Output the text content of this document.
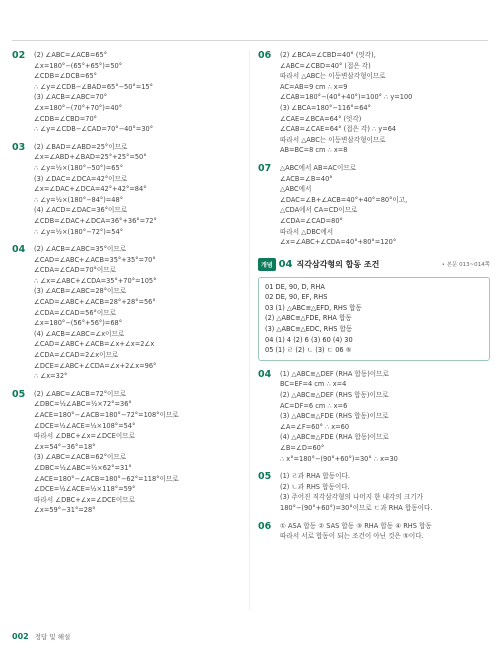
02 (2) ∠ABC=∠ACB=65°
∠x=180°−(65°+65°)=50°
∠CDB=∠DCB=65°
∴ ∠y=∠CDB−∠BAD=65°−50°=15°
(3) ∠ACB=∠ABC=70°
∠x=180°−(70°+70°)=40°
∠CDB=∠CBD=70°
∴ ∠y=∠CDB−∠CAD=70°−40°=30°
03 (2) ∠BAD=∠ABD=25°이므로
∠x=∠ABD+∠BAD=25°+25°=50°
∴ ∠y=½×(180°−50°)=65°
(3) ∠DAC=∠DCA=42°이므로
∠x=∠DAC+∠DCA=42°+42°=84°
∴ ∠y=½×(180°−84°)=48°
(4) ∠ACD=∠DAC=36°이므로
∠CDB=∠DAC+∠DCA=36°+36°=72°
∴ ∠y=½×(180°−72°)=54°
04 (2) ∠ACB=∠ABC=35°이므로
∠CAD=∠ABC+∠ACB=35°+35°=70°
∠CDA=∠CAD=70°이므로
∴ ∠x=∠ABC+∠CDA=35°+70°=105°
(3) ∠ACB=∠ABC=28°이므로
∠CAD=∠ABC+∠ACB=28°+28°=56°
∠CDA=∠CAD=56°이므로
∠x=180°−(56°+56°)=68°
(4) ∠ACB=∠ABC=∠x이므로
∠CAD=∠ABC+∠ACB=∠x+∠x=2∠x
∠CDA=∠CAD=2∠x이므로
∠DCE=∠ABC+∠CDA=∠x+2∠x=96°
∴ ∠x=32°
05 (2) ∠ABC=∠ACB=72°이므로
∠DBC=½∠ABC=½×72°=36°
∠ACE=180°−∠ACB=180°−72°=108°이므로
∠DCE=½∠ACE=½×108°=54°
따라서 ∠DBC+∠x=∠DCE이므로
∠x=54°−36°=18°
(3) ∠ABC=∠ACB=62°이므로
∠DBC=½∠ABC=½×62°=31°
∠ACE=180°−∠ACB=180°−62°=118°이므로
∠DCE=½∠ACE=½×118°=59°
따라서 ∠DBC+∠x=∠DCE이므로
∠x=59°−31°=28°
06 (2) ∠BCA=∠CBD=40° (엇각),
∠ABC=∠CBD=40° (접은 각)
따라서 △ABC는 이등변삼각형이므로
AC=AB=9 cm ∴ x=9
∠CAB=180°−(40°+40°)=100° ∴ y=100
(3) ∠BCA=180°−116°=64°
∠CAE=∠BCA=64° (엇각)
∠CAB=∠CAE=64° (접은 각) ∴ y=64
따라서 △ABC는 이등변삼각형이므로
AB=BC=8 cm ∴ x=8
07 △ABC에서 AB=AC이므로
∠ACB=∠B=40°
△ABC에서
∠DAC=∠B+∠ACB=40°+40°=80°이고,
△CDA에서 CA=CD이므로
∠CDA=∠CAD=80°
따라서 △DBC에서
∠x=∠ABC+∠CDA=40°+80°=120°
개념 04 직각삼각형의 합동 조건	• 본문 013~014쪽
01 DE, 90, D, RHA
02 DE, 90, EF, RHS
03 (1) △ABC≡△EFD, RHS 합동
(2) △ABC≡△FDE, RHA 합동
(3) △ABC≡△EDC, RHS 합동
04 (1) 4 (2) 6 (3) 60 (4) 30
05 (1) ㄹ (2) ㄴ (3) ㄷ 06 ⑤
04 (1) △ABC≡△DEF (RHA 합동)이므로
BC=EF=4 cm ∴ x=4
(2) △ABC≡△DEF (RHS 합동)이므로
AC=DF=6 cm ∴ x=6
(3) △ABC≡△FDE (RHS 합동)이므로
∠A=∠F=60° ∴ x=60
(4) △ABC≡△FDE (RHA 합동)이므로
∠B=∠D=60°
∴ x°=180°−(90°+60°)=30° ∴ x=30
05 (1) ㄹ과 RHA 합동이다.
(2) ㄴ과 RHS 합동이다.
(3) 주어진 직각삼각형의 나머지 한 내각의 크기가
180°−(90°+60°)=30°이므로 ㄷ과 RHA 합동이다.
06 ① ASA 합동 ② SAS 합동 ③ RHA 합동 ④ RHS 합동
따라서 서로 합동이 되는 조건이 아닌 것은 ⑤이다.
002 정답 및 해설
